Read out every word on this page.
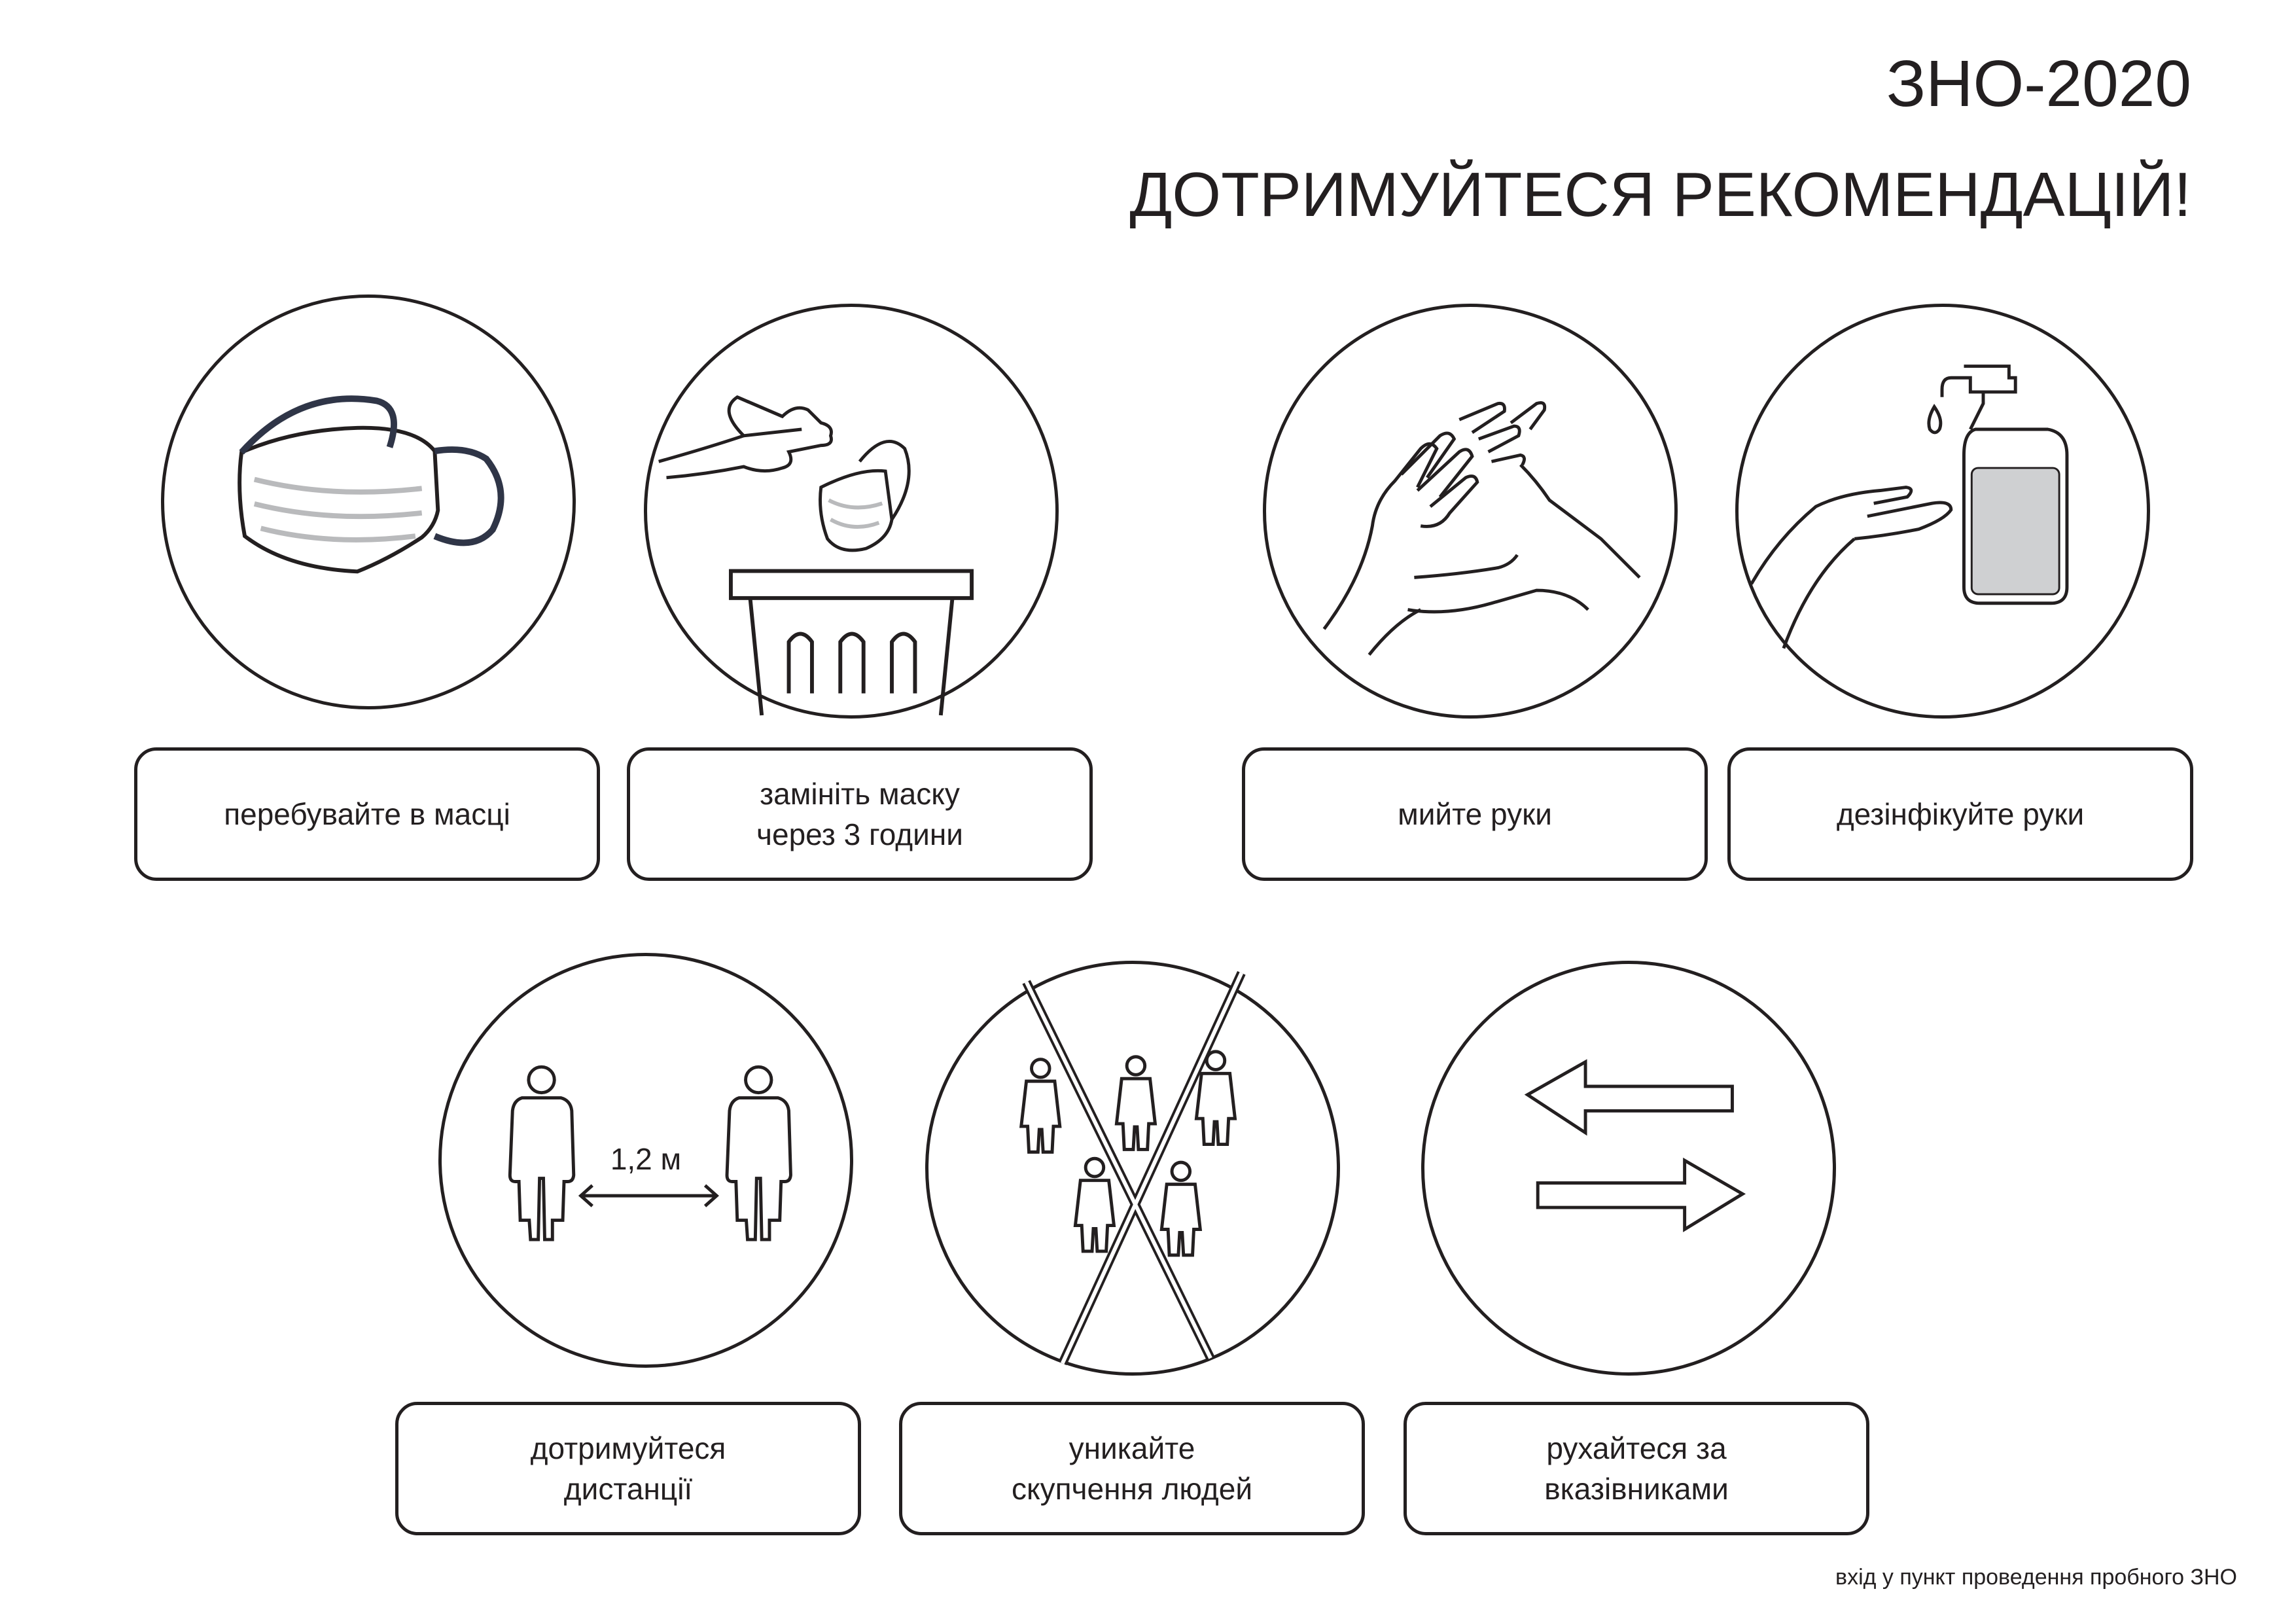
ЗНО-2020
ДОТРИМУЙТЕСЯ РЕКОМЕНДАЦІЙ!
перебувайте в масці
замініть маску
через 3 години
мийте руки	дезінфікуйте руки
1,2 м
дотримуйтеся
дистанції
уникайте
скупчення людей
рухайтеся за
вказівниками
вхід у пункт проведення пробного ЗНО
